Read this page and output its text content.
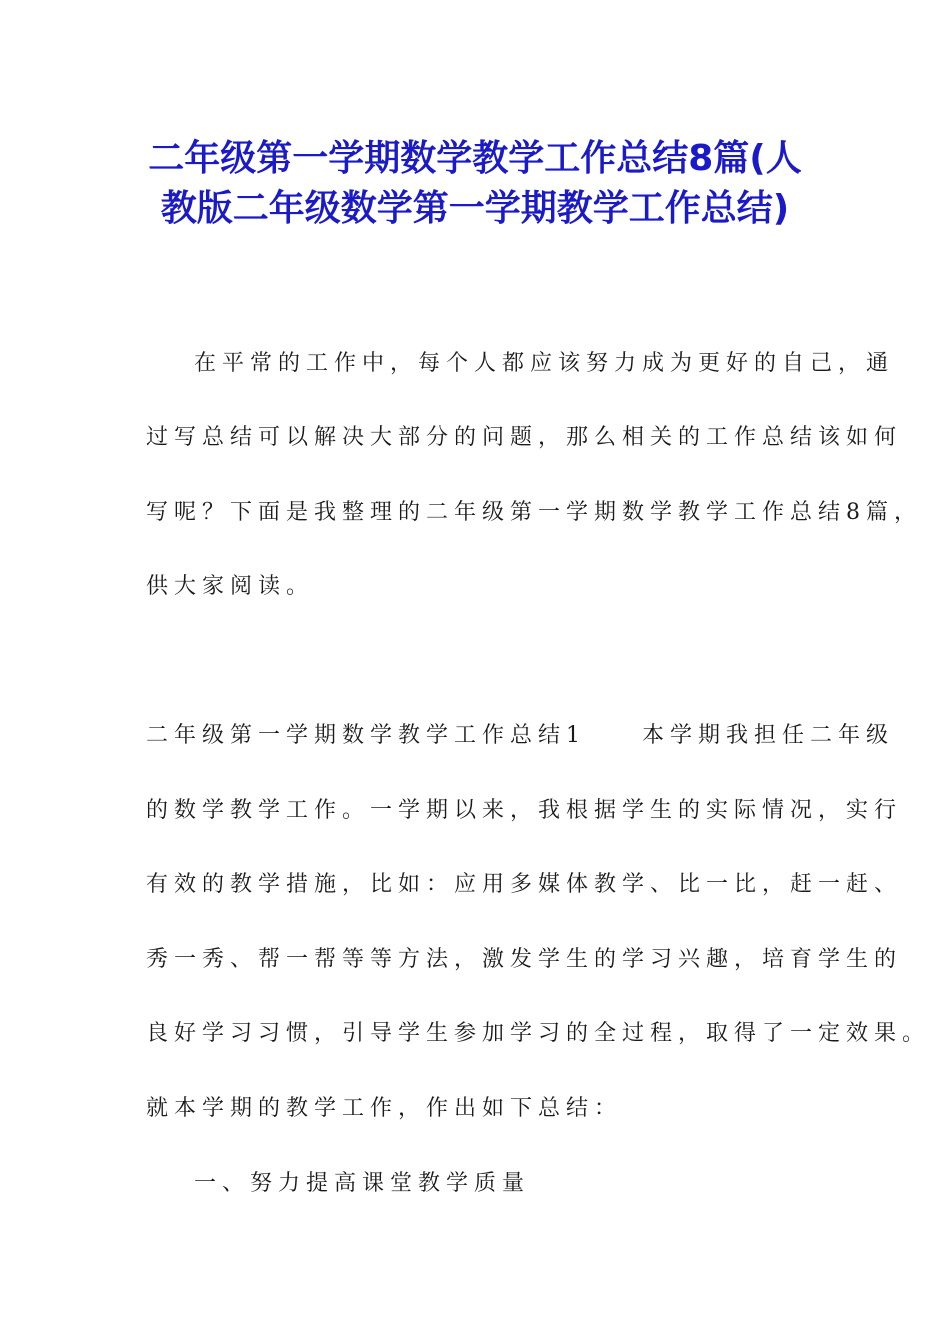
二年级第一学期数学教学工作总结8篇(人
教版二年级数学第一学期教学工作总结)
在平常的工作中，每个人都应该努力成为更好的自己，通
过写总结可以解决大部分的问题，那么相关的工作总结该如何
写呢？下面是我整理的二年级第一学期数学教学工作总结8篇，
供大家阅读。
二年级第一学期数学教学工作总结1　　本学期我担任二年级
的数学教学工作。一学期以来，我根据学生的实际情况，实行
有效的教学措施，比如：应用多媒体教学、比一比，赶一赶、
秀一秀、帮一帮等等方法，激发学生的学习兴趣，培育学生的
良好学习习惯，引导学生参加学习的全过程，取得了一定效果。
就本学期的教学工作，作出如下总结：
一、努力提高课堂教学质量
